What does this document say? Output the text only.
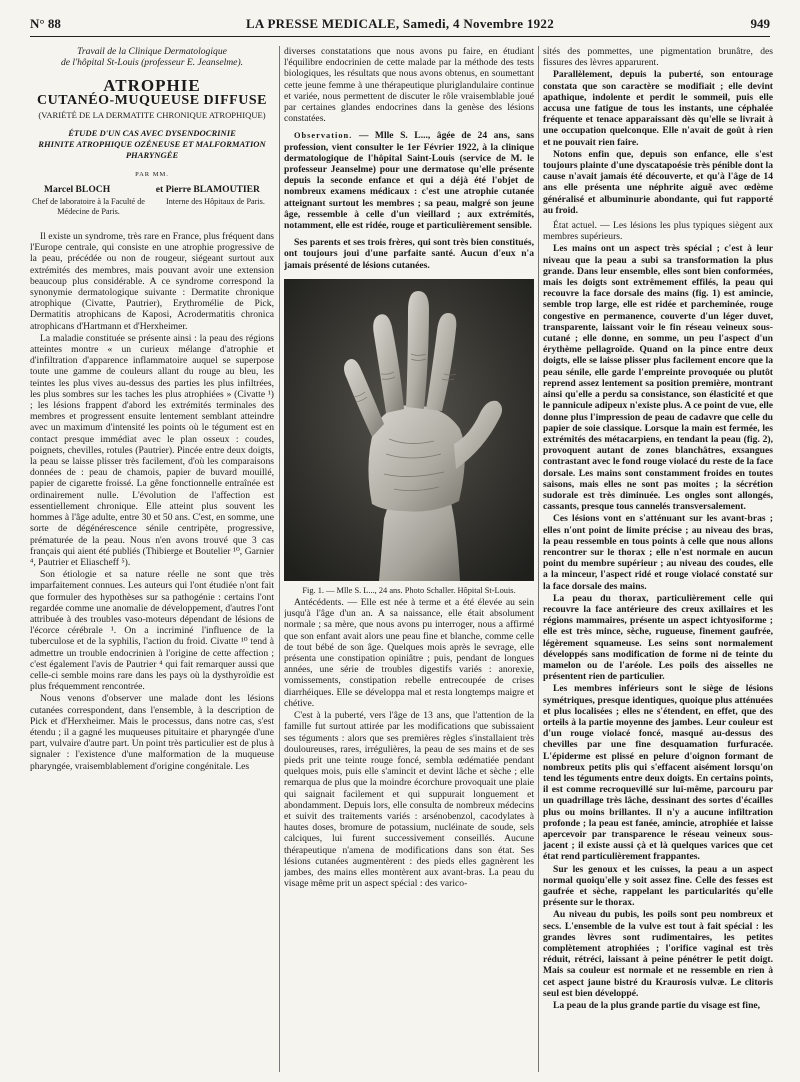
N° 88	LA PRESSE MEDICALE, Samedi, 4 Novembre 1922	949
Travail de la Clinique Dermatologique
de l'hôpital St-Louis (professeur E. Jeanselme).
ATROPHIE
CUTANÉO-MUQUEUSE DIFFUSE
(VARIÉTÉ DE LA DERMATITE CHRONIQUE ATROPHIQUE)
ÉTUDE D'UN CAS AVEC DYSENDOCRINIE
RHINITE ATROPHIQUE OZÉNEUSE ET MALFORMATION
PHARYNGÉE
PAR MM.
Marcel BLOCH	et Pierre BLAMOUTIER
Chef de laboratoire à la Faculté de Médecine de Paris.
Interne des Hôpitaux de Paris.

Il existe un syndrome, très rare en France, plus fréquent dans l'Europe centrale, qui consiste en une atrophie progressive de la peau, précédée ou non de rougeur, siégeant surtout aux extrémités des membres, mais pouvant avoir une extension beaucoup plus considérable. A ce syndrome correspond la synonymie dermatologique suivante : Dermatite chronique atrophique (Civatte, Pautrier), Erythromélie de Pick, Dermatitis atrophicans de Kaposi, Acrodermatitis chronica atrophicans d'Hartmann et d'Herxheimer.

La maladie constituée se présente ainsi : la peau des régions atteintes montre « un curieux mélange d'atrophie et d'infiltration d'apparence inflammatoire auquel se superpose toute une gamme de couleurs allant du rouge au bleu, les teintes les plus vives au-dessus des parties les plus infiltrées, les plus sombres sur les taches les plus atrophiées » (Civatte ¹) ; les lésions frappent d'abord les extrémités terminales des membres et progressent ensuite lentement semblant atteindre avec un maximum d'intensité les points où le tégument est en contact presque immédiat avec le plan osseux : coudes, poignets, chevilles, rotules (Pautrier). Pincée entre deux doigts, la peau se laisse plisser très facilement, d'où les comparaisons données de : peau de chamois, papier de buvard mouillé, papier de cigarette froissé. La gêne fonctionnelle entraînée est ordinairement nulle. L'évolution de l'affection est essentiellement chronique. Elle atteint plus souvent les hommes à l'âge adulte, entre 30 et 50 ans. C'est, en somme, une sorte de dégénérescence sénile centripète, progressive, prématurée de la peau. Nous n'en avons trouvé que 3 cas français qui aient été publiés (Thibierge et Boutelier ¹⁰, Garnier ⁴, Pautrier et Eliascheff ⁵).

Son étiologie et sa nature réelle ne sont que très imparfaitement connues. Les auteurs qui l'ont étudiée n'ont fait que formuler des hypothèses sur sa pathogénie : certains l'ont regardée comme une anomalie de développement, d'autres l'ont attribuée à des troubles vaso-moteurs dépendant de lésions de l'écorce cérébrale ¹. On a incriminé l'influence de la tuberculose et de la syphilis, l'action du froid. Civatte ¹⁰ tend à admettre un trouble endocrinien à l'origine de cette affection ; c'est également l'avis de Pautrier ⁴ qui fait remarquer aussi que celle-ci semble moins rare dans les pays où la dysthyroïdie est plus fréquemment rencontrée.

Nous venons d'observer une malade dont les lésions cutanées correspondent, dans l'ensemble, à la description de Pick et d'Herxheimer. Mais le processus, dans notre cas, s'est étendu ; il a gagné les muqueuses pituitaire et pharyngée d'une part, vulvaire d'autre part. Un point très particulier est de plus à signaler : l'existence d'une malformation de la muqueuse pharyngée, vraisemblablement d'origine congénitale. Les

diverses constatations que nous avons pu faire, en étudiant l'équilibre endocrinien de cette malade par la méthode des tests biologiques, les résultats que nous avons obtenus, en soumettant cette jeune femme à une thérapeutique pluriglandulaire continue et variée, nous permettent de discuter le rôle vraisemblable joué par certaines glandes endocrines dans la genèse des lésions constatées.

Observation. — Mlle S. L..., âgée de 24 ans, sans profession, vient consulter le 1er Février 1922, à la clinique dermatologique de l'hôpital Saint-Louis (service de M. le professeur Jeanselme) pour une dermatose qu'elle présente depuis la seconde enfance et qui a déjà été l'objet de nombreux examens médicaux : c'est une atrophie cutanée atteignant surtout les membres ; sa peau, malgré son jeune âge, ressemble à celle d'un vieillard ; aux extrémités, notamment, elle est ridée, rouge et particulièrement sensible.

Ses parents et ses trois frères, qui sont très bien constitués, ont toujours joui d'une parfaite santé. Aucun d'eux n'a jamais présenté de lésions cutanées.

Fig. 1. — Mlle S. L..., 24 ans. Photo Schaller. Hôpital St-Louis.

Antécédents. — Elle est née à terme et a été élevée au sein jusqu'à l'âge d'un an. A sa naissance, elle était absolument normale ; sa mère, que nous avons pu interroger, nous a affirmé que son enfant avait alors une peau fine et blanche, comme celle de tout bébé de son âge. Quelques mois après le sevrage, elle présenta une constipation opiniâtre ; puis, pendant de longues années, une série de troubles digestifs variés : anorexie, vomissements, constipation rebelle entrecoupée de crises diarrhéiques. Elle se développa mal et resta longtemps maigre et chétive.

C'est à la puberté, vers l'âge de 13 ans, que l'attention de la famille fut surtout attirée par les modifications que subissaient ses téguments : alors que ses premières règles s'installaient très douloureuses, rares, irrégulières, la peau de ses mains et de ses pieds prit une teinte rouge foncé, sembla œdématiée pendant quelques mois, puis elle s'amincit et devint lâche et sèche ; elle remarqua de plus que la moindre écorchure provoquait une plaie qui saignait facilement et qui suppurait longuement et abondamment. Depuis lors, elle consulta de nombreux médecins et suivit des traitements variés : arsénobenzol, cacodylates à hautes doses, bromure de potassium, nucléinate de soude, sels calciques, lui furent successivement conseillés. Aucune thérapeutique n'amena de modifications dans son état. Ses lésions cutanées augmentèrent : des pieds elles gagnèrent les jambes, des mains elles montèrent aux avant-bras. La peau du visage même prit un aspect spécial : des varico-

sités des pommettes, une pigmentation brunâtre, des fissures des lèvres apparurent.

Parallèlement, depuis la puberté, son entourage constata que son caractère se modifiait ; elle devint apathique, indolente et perdit le sommeil, puis elle accusa une fatigue de tous les instants, une céphalée fréquente et tenace apparaissant dès qu'elle se livrait à une occupation quelconque. Elle n'avait de goût à rien et ne pouvait rien faire.

Notons enfin que, depuis son enfance, elle s'est toujours plainte d'une dyscatapoésie très pénible dont la cause n'avait jamais été découverte, et qu'à l'âge de 14 ans elle présenta une néphrite aiguë avec œdème généralisé et albuminurie abondante, qui fut rapporté au froid.

État actuel. — Les lésions les plus typiques siègent aux membres supérieurs.

Les mains ont un aspect très spécial ; c'est à leur niveau que la peau a subi sa transformation la plus grande. Dans leur ensemble, elles sont bien conformées, mais les doigts sont extrêmement effilés, la peau qui recouvre la face dorsale des mains (fig. 1) est amincie, semble trop large, elle est ridée et parcheminée, rouge congestive en permanence, couverte d'un léger duvet, transparente, laissant voir le fin réseau veineux sous-cutané ; elle donne, en somme, un peu l'aspect d'un érythème pellagroïde. Quand on la pince entre deux doigts, elle se laisse plisser plus facilement encore que la peau sénile, elle garde l'empreinte provoquée ou plutôt reprend assez lentement sa position première, montrant ainsi qu'elle a perdu sa consistance, son élasticité et que le pannicule adipeux n'existe plus. A ce point de vue, elle donne plus l'impression de peau de cadavre que celle du papier de soie classique. Lorsque la main est fermée, les extrémités des métacarpiens, en tendant la peau (fig. 2), provoquent autant de zones blanchâtres, exsangues contrastant avec le fond rouge violacé du reste de la face dorsale. Les mains sont constamment froides en toutes saisons, mais elles ne sont pas moites ; la sécrétion sudorale est très diminuée. Les ongles sont allongés, cassants, presque tous cannelés transversalement.

Ces lésions vont en s'atténuant sur les avant-bras ; elles n'ont point de limite précise ; au niveau des bras, la peau ressemble en tous points à celle que nous allons rencontrer sur le thorax ; elle n'est normale en aucun point du membre supérieur ; au niveau des coudes, elle a la minceur, l'aspect ridé et rouge violacé constaté sur la face dorsale des mains.

La peau du thorax, particulièrement celle qui recouvre la face antérieure des creux axillaires et les régions mammaires, présente un aspect ichtyosiforme ; elle est très mince, sèche, rugueuse, finement gaufrée, légèrement squameuse. Les seins sont normalement développés sans modification de forme ni de teinte du mamelon ou de l'aréole. Les poils des aisselles ne présentent rien de particulier.

Les membres inférieurs sont le siège de lésions symétriques, presque identiques, quoique plus atténuées et plus localisées ; elles ne s'étendent, en effet, que des orteils à la partie moyenne des jambes. Leur couleur est d'un rouge violacé foncé, masqué au-dessus des chevilles par une fine desquamation furfuracée. L'épiderme est plissé en pelure d'oignon formant de nombreux petits plis qui s'effacent aisément lorsqu'on tend les téguments entre deux doigts. En certains points, il est comme recroquevillé sur lui-même, parcouru par un quadrillage très lâche, dessinant des sortes d'écailles plus ou moins brillantes. Il n'y a aucune infiltration profonde ; la peau est fanée, amincie, atrophiée et laisse apercevoir par transparence le réseau veineux sous-jacent ; il existe aussi çà et là quelques varices que cet état rend particulièrement frappantes.

Sur les genoux et les cuisses, la peau a un aspect normal quoiqu'elle y soit assez fine. Celle des fesses est gaufrée et sèche, rappelant les particularités qu'elle présente sur le thorax.

Au niveau du pubis, les poils sont peu nombreux et secs. L'ensemble de la vulve est tout à fait spécial : les grandes lèvres sont rudimentaires, les petites complètement atrophiées ; l'orifice vaginal est très réduit, rétréci, laissant à peine pénétrer le petit doigt. Mais sa couleur est normale et ne ressemble en rien à cet aspect jaune bistré du Kraurosis vulvæ. Le clitoris seul est bien développé.

La peau de la plus grande partie du visage est fine,
